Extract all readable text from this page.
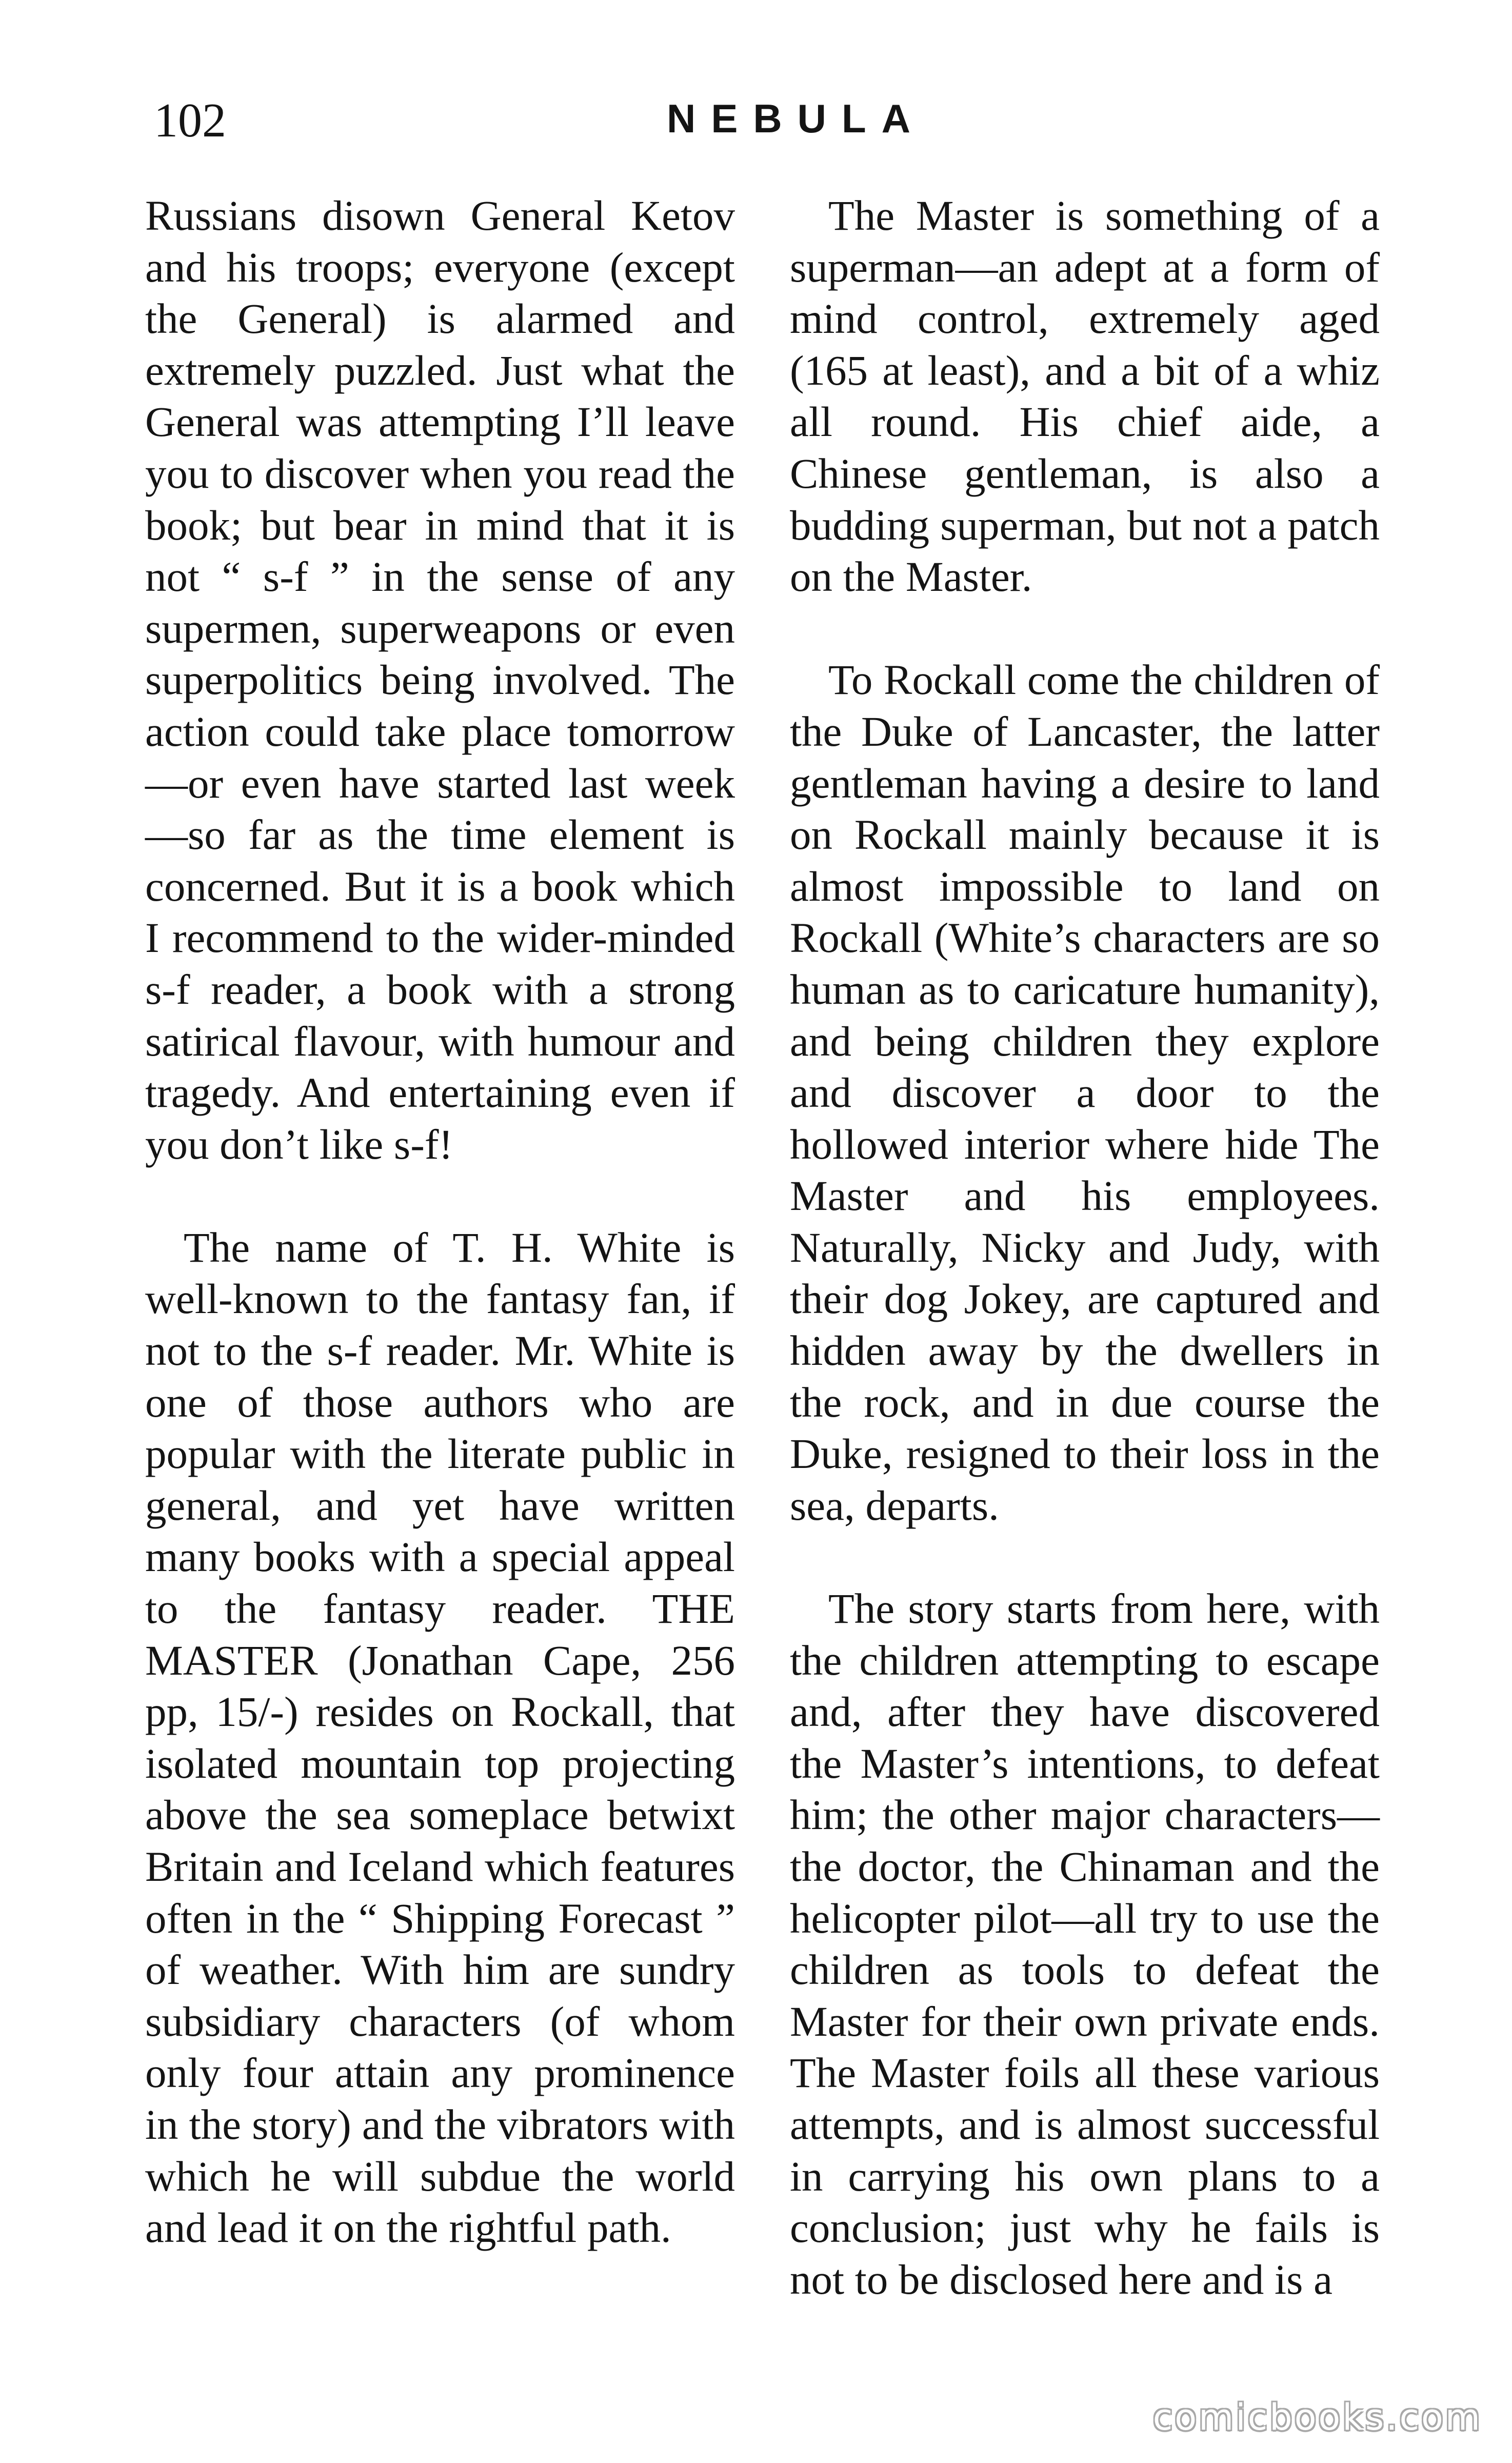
102	NEBULA

Russians disown General Ketov and his troops; everyone (except the General) is alarmed and extremely puzzled. Just what the General was attempting I’ll leave you to discover when you read the book; but bear in mind that it is not “ s-f ” in the sense of any supermen, superweapons or even superpolitics being involved. The action could take place tomorrow —or even have started last week —so far as the time element is concerned. But it is a book which I recommend to the wider-minded s-f reader, a book with a strong satirical flavour, with humour and tragedy. And entertaining even if you don’t like s-f!

The name of T. H. White is well-known to the fantasy fan, if not to the s-f reader. Mr. White is one of those authors who are popular with the literate public in general, and yet have written many books with a special appeal to the fantasy reader. THE MASTER (Jonathan Cape, 256 pp, 15/-) resides on Rockall, that isolated mountain top projecting above the sea someplace betwixt Britain and Iceland which features often in the “ Shipping Forecast ” of weather. With him are sundry subsidiary characters (of whom only four attain any prominence in the story) and the vibrators with which he will subdue the world and lead it on the rightful path.

The Master is something of a superman—an adept at a form of mind control, extremely aged (165 at least), and a bit of a whiz all round. His chief aide, a Chinese gentleman, is also a budding superman, but not a patch on the Master.

To Rockall come the children of the Duke of Lancaster, the latter gentleman having a desire to land on Rockall mainly because it is almost impossible to land on Rockall (White’s characters are so human as to caricature humanity), and being children they explore and discover a door to the hollowed interior where hide The Master and his employees. Naturally, Nicky and Judy, with their dog Jokey, are captured and hidden away by the dwellers in the rock, and in due course the Duke, resigned to their loss in the sea, departs.

The story starts from here, with the children attempting to escape and, after they have discovered the Master’s intentions, to defeat him; the other major characters—the doctor, the Chinaman and the helicopter pilot—all try to use the children as tools to defeat the Master for their own private ends. The Master foils all these various attempts, and is almost successful in carrying his own plans to a conclusion; just why he fails is not to be disclosed here and is a

comicbooks.com
